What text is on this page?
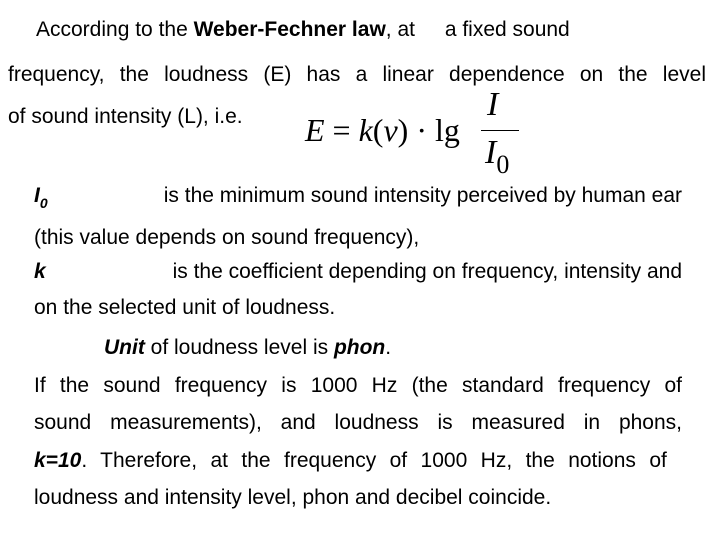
According to the Weber-Fechner law, at a fixed sound
frequency, the loudness (E) has a linear dependence on the level
of sound intensity (L), i.e. E = k(ν) · lg
I
$I_0$
$I_0$	is the minimum sound intensity perceived by human ear
(this value depends on sound frequency),
k	is the coefficient depending on frequency, intensity and
on the selected unit of loudness.
Unit of loudness level is phon.
If the sound frequency is 1000 Hz (the standard frequency of
sound measurements), and loudness is measured in phons,
k=10. Therefore, at the frequency of 1000 Hz, the notions of
loudness and intensity level, phon and decibel coincide.
